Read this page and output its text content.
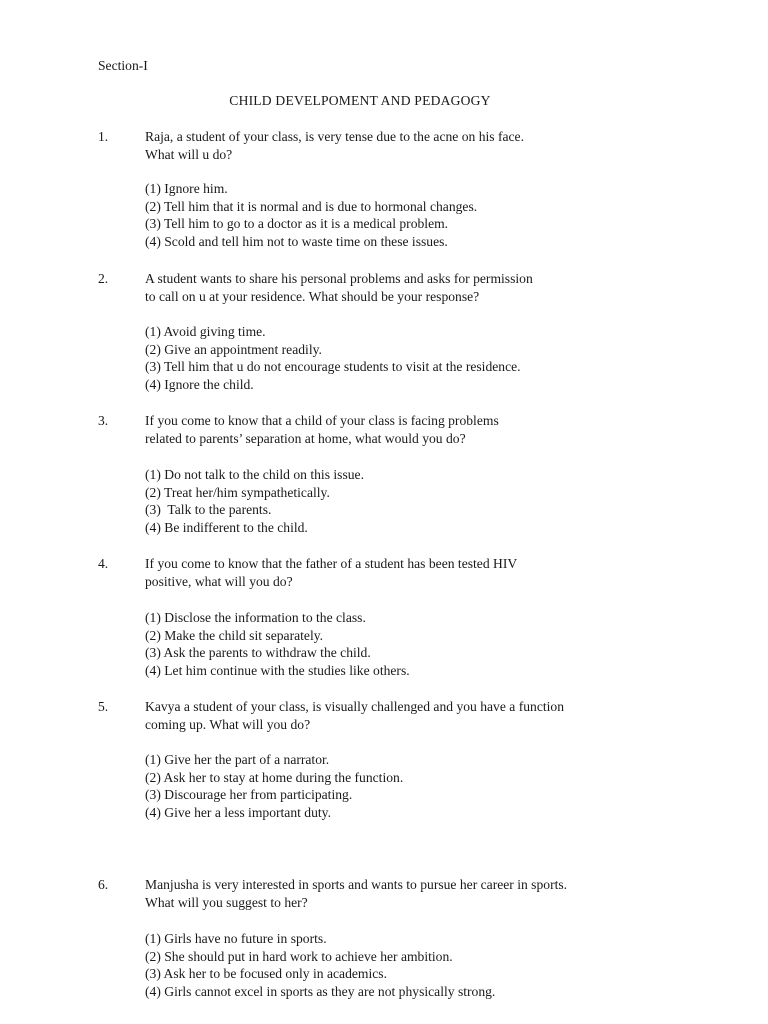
Section-I
CHILD DEVELPOMENT AND PEDAGOGY
1.	Raja, a student of your class, is very tense due to the acne on his face.
What will u do?
(1) Ignore him.
(2) Tell him that it is normal and is due to hormonal changes.
(3) Tell him to go to a doctor as it is a medical problem.
(4) Scold and tell him not to waste time on these issues.
2.	A student wants to share his personal problems and asks for permission
to call on u at your residence. What should be your response?
(1) Avoid giving time.
(2) Give an appointment readily.
(3) Tell him that u do not encourage students to visit at the residence.
(4) Ignore the child.
3.	If you come to know that a child of your class is facing problems
related to parents’ separation at home, what would you do?
(1) Do not talk to the child on this issue.
(2) Treat her/him sympathetically.
(3)  Talk to the parents.
(4) Be indifferent to the child.
4.	If you come to know that the father of a student has been tested HIV
positive, what will you do?
(1) Disclose the information to the class.
(2) Make the child sit separately.
(3) Ask the parents to withdraw the child.
(4) Let him continue with the studies like others.
5.	Kavya a student of your class, is visually challenged and you have a function
coming up. What will you do?
(1) Give her the part of a narrator.
(2) Ask her to stay at home during the function.
(3) Discourage her from participating.
(4) Give her a less important duty.
6.	Manjusha is very interested in sports and wants to pursue her career in sports.
What will you suggest to her?
(1) Girls have no future in sports.
(2) She should put in hard work to achieve her ambition.
(3) Ask her to be focused only in academics.
(4) Girls cannot excel in sports as they are not physically strong.
